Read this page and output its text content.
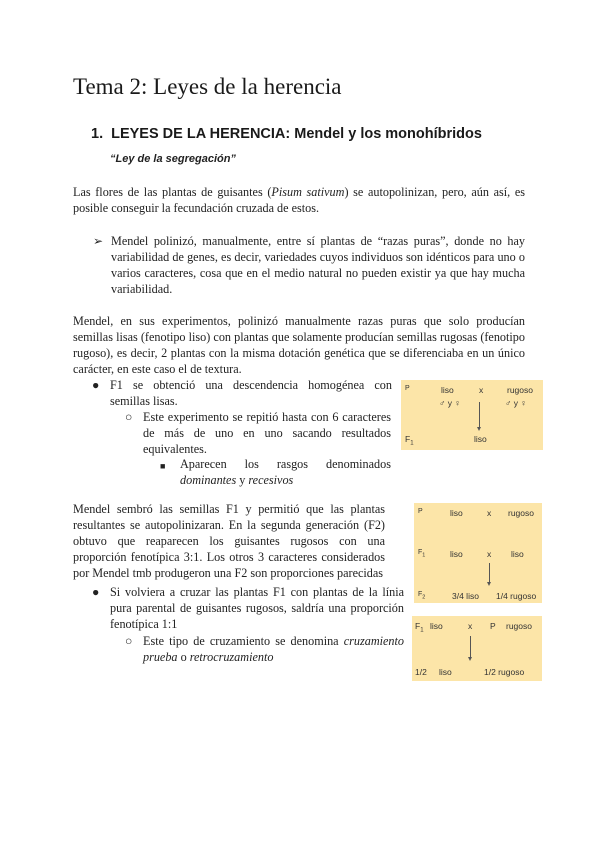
Tema 2: Leyes de la herencia
1. LEYES DE LA HERENCIA: Mendel y los monohíbridos
“Ley de la segregación”
Las flores de las plantas de guisantes (Pisum sativum) se autopolinizan, pero, aún así, es posible conseguir la fecundación cruzada de estos.
➢ Mendel polinizó, manualmente, entre sí plantas de “razas puras”, donde no hay variabilidad de genes, es decir, variedades cuyos individuos son idénticos para uno o varios caracteres, cosa que en el medio natural no pueden existir ya que hay mucha variabilidad.
Mendel, en sus experimentos, polinizó manualmente razas puras que solo producían semillas lisas (fenotipo liso) con plantas que solamente producían semillas rugosas (fenotipo rugoso), es decir, 2 plantas con la misma dotación genética que se diferenciaba en un único carácter, en este caso el de textura.
● F1 se obtenció una descendencia homogénea con semillas lisas.
○ Este experimento se repitió hasta con 6 caracteres de más de uno en uno sacando resultados equivalentes.
■	Aparecen los rasgos denominados dominantes y recesivos
Mendel sembró las semillas F1 y permitió que las plantas resultantes se autopolinizaran. En la segunda generación (F2) obtuvo que reaparecen los guisantes rugosos con una proporción fenotípica 3:1. Los otros 3 caracteres considerados por Mendel tmb produgeron una F2 son proporciones parecidas
● Si volviera a cruzar las plantas F1 con plantas de la línia pura parental de guisantes rugosos, saldría una proporción fenotípica 1:1
○ Este tipo de cruzamiento se denomina cruzamiento prueba o retrocruzamiento
P	liso	x	rugoso
♂ y ♀	♂ y ♀
$F_1$	liso
P	liso	x rugoso
$F_1$	liso	x liso
$F_2$	3/4 liso 1/4 rugoso
$F_1$ liso	x P rugoso
1/2 liso	1/2 rugoso
